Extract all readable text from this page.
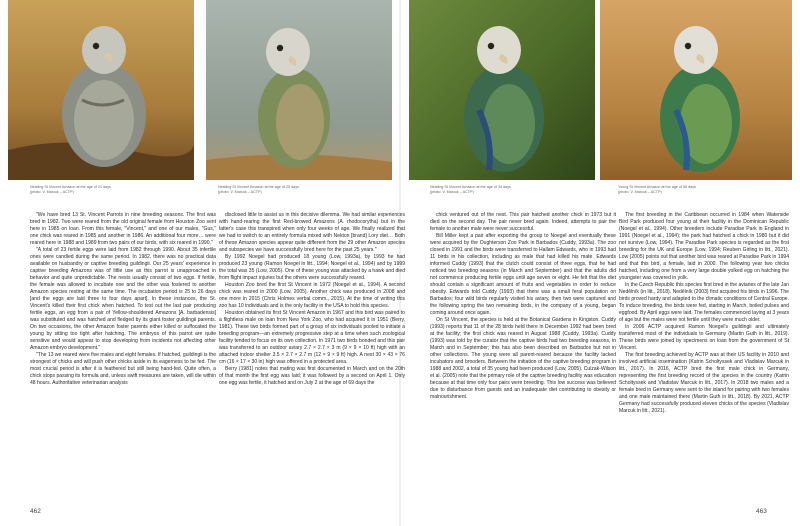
Nestling St Vincent Amazon at the age of 21 days
(photo: V. Marcuk – ACTP)
Nestling St Vincent Amazon at the age of 25 days
(photo: V. Marcuk – ACTP)
Nestling St Vincent Amazon at the age of 34 days
(photo: V. Marcuk – ACTP)
Young St Vincent Amazon at the age of 58 days
(photo: V. Marcuk – ACTP)

"We have bred 13 St. Vincent Parrots in nine breeding seasons. The first was bred in 1982. Two were reared from the old original female from Houston Zoo sent here in 1985 on loan. From this female, "Vincent," and one of our males, "Gus," one chick was reared in 1985 and another in 1986. An additional four more… were reared here in 1988 and 1989 from two pairs of our birds, with six reared in 1990."

"A total of 23 fertile eggs were laid from 1982 through 1990. About 35 infertile ones were candled during the same period. In 1982, there was no practical data available on husbandry or captive breeding guildingii. Our 25 years' experience in captive breeding Amazons was of little use as this parrot is unapproached in behavior and quite unpredictable. The nests usually consist of two eggs. If fertile, the female was allowed to incubate one and the other was fostered to another Amazon species resting at the same time. The incubation period is 25 to 26 days [and the eggs are laid three to four days apart]. In these instances, the St. Vincent's killed their first chick when hatched. To test out the last pair producing fertile eggs, an egg from a pair of Yellow-shouldered Amazons [A. barbadensis] was substituted and was hatched and fledged by its giant foster guildingii parents. On two occasions, the other Amazon foster parents either killed or suffocated the young by sitting too tight after hatching. The embryos of this parrot are quite sensitive and would appear to stop developing from incidents not affecting other Amazon embryo development."

"The 13 we reared were five males and eight females. If hatched, guildingii is the strongest of chicks and will push other chicks aside in its eagerness to be fed. The most crucial period is after it is feathered but still being hand-fed. Quite often, a chick stops passing its formula and, unless swift measures are taken, will die within 48 hours. Authoritative veterinarian analysis

disclosed little to assist us in this decisive dilemma. We had similar experiences with hand-rearing the first Red-browed Amazons (A. rhodocorytha) but in the latter's case this transpired when only four weeks of age. We finally realized that we had to switch to an entirely formula mixed with Nekton [brand] Lory diet… Both of these Amazon species appear quite different from the 29 other Amazon species and subspecies we have successfully bred here for the past 25 years."

By 1992 Noegel had produced 18 young (Low, 1993a), by 1993 he had produced 23 young (Ramon Noegel in litt., 1994; Noegel et al., 1994) and by 1999 the total was 35 (Low, 2005). One of these young was attacked by a hawk and died from flight impact injuries but the others were successfully reared.

Houston Zoo bred the first St Vincent in 1972 (Noegel et al., 1994). A second chick was reared in 2000 (Low, 2005). Another chick was produced in 2008 and one more in 2015 (Chris Holmes verbal comm., 2015). At the time of writing this zoo has 10 individuals and is the only facility in the USA to hold this species.

Houston obtained its first St Vincent Amazon in 1967 and this bird was paired to a flightless male on loan from New York Zoo, who had acquired it in 1951 (Berry, 1981). These two birds formed part of a group of six individuals pooled to initiate a breeding program—an extremely progressive step at a time when such zoological facility tended to focus on its own collection. In 1971 two birds bonded and this pair was transferred to an outdoor aviary 2.7 × 2.7 × 3 m (9 × 9 × 10 ft) high with an attached indoor shelter 3.5 × 2.7 × 2.7 m (12 × 9 × 9 ft) high. A nest 30 × 43 × 76 cm (16 × 17 × 30 in) high was offered in a protected area.

Berry (1981) notes that mating was first documented in March and on the 20th of that month the first egg was laid; it was followed by a second on April 1. Only one egg was fertile, it hatched and on July 2 at the age of 69 days the

chick ventured out of the nest. This pair hatched another chick in 1973 but it died on the second day. The pair never bred again. Indeed, attempts to pair the female to another male were never successful.

Bill Miller kept a pair after exporting the group to Noegel and eventually these were acquired by the Oughterson Zoo Park in Barbados (Cuddy, 1993a). The zoo closed in 1991 and the birds were transferred to Hallam Edwards, who in 1993 had 11 birds in his collection, including as male that had killed his mate. Edwards informed Cuddy (1993) that the clutch could consist of three eggs, that he had noticed two breeding seasons (in March and September) and that the adults did not commence producing fertile eggs until age seven or eight. He felt that the diet should contain a significant amount of fruits and vegetables in order to reduce obesity. Edwards told Cuddy (1993) that there was a small feral population on Barbados; four wild birds regularly visited his aviary, then two were captured and the following spring the two remaining birds, in the company of a young, began coming around once again.

On St Vincent, the species is held at the Botanical Gardens in Kingston. Cuddy (1993) reports that 11 of the 28 birds held there in December 1992 had been bred at the facility; the first chick was reared in August 1988 (Cuddy, 1993a). Cuddy (1993) was told by the curator that the captive birds had two breeding seasons, in March and in September; this has also been described on Barbados but not in other collections. The young were all parent-reared because the facility lacked incubators and brooders. Between the initiation of the captive breeding program in 1988 and 2002, a total of 35 young had been produced (Low, 2005). Culzak-Wilson et al. (2005) note that the primary role of the captive breeding facility was education because at that time only four pairs were breeding. This low success was believed due to disturbance from guests and an inadequate diet contributing to obesity or malnourishment.

The first breeding in the Caribbean occurred in 1984 when Waterside Bird Park produced four young at their facility in the Dominican Republic (Noegel et al., 1994). Other breeders include Paradise Park in England in 1991 (Noegel et al., 1994); the park had hatched a chick in 1980 but it did not survive (Low, 1994). The Paradise Park species is regarded as the first breeding for the UK and Europe (Low, 1994; Reuben Girling in litt., 2021). Low (2005) points out that another bird was reared at Paradise Park in 1994 and that this bird, a female, laid in 2000. The following year two chicks hatched, including one from a very large double yolked egg on hatching the youngster was covered in yolk.

In the Czech Republic this species first bred in the aviaries of the late Jan Nedělník (in litt., 2018). Nedělník (2003) first acquired his birds in 1996. The birds proved hardy and adapted to the climatic conditions of Central Europe. To induce breeding, the birds were fed, starting in March, boiled pulses and eggfood. By April eggs were laid. The females commenced laying at 3 years of age but the males were not fertile until they were much older.

In 2006 ACTP acquired Ramon Noegel's guildingii and ultimately transferred most of the individuals to Germany (Martin Guth in litt., 2019). These birds were joined by specimens on loan from the government of St Vincent.

The first breeding achieved by ACTP was at their US facility in 2010 and involved artificial insemination (Katrin Scholtyssek and Vladislav Marcuk in litt., 2017). In 2016, ACTP bred the first male chick in Germany, representing the first breeding record of the species in the country (Katrin Scholtyssek and Vladislav Marcuk in litt., 2017). In 2018 two males and a female bred in Germany were sent to the island for pairing with two females and one male maintained there (Martin Guth in litt., 2018). By 2021, ACTP Germany had successfully produced eleven chicks of the species (Vladislav Marcuk in litt., 2021).

462	463
